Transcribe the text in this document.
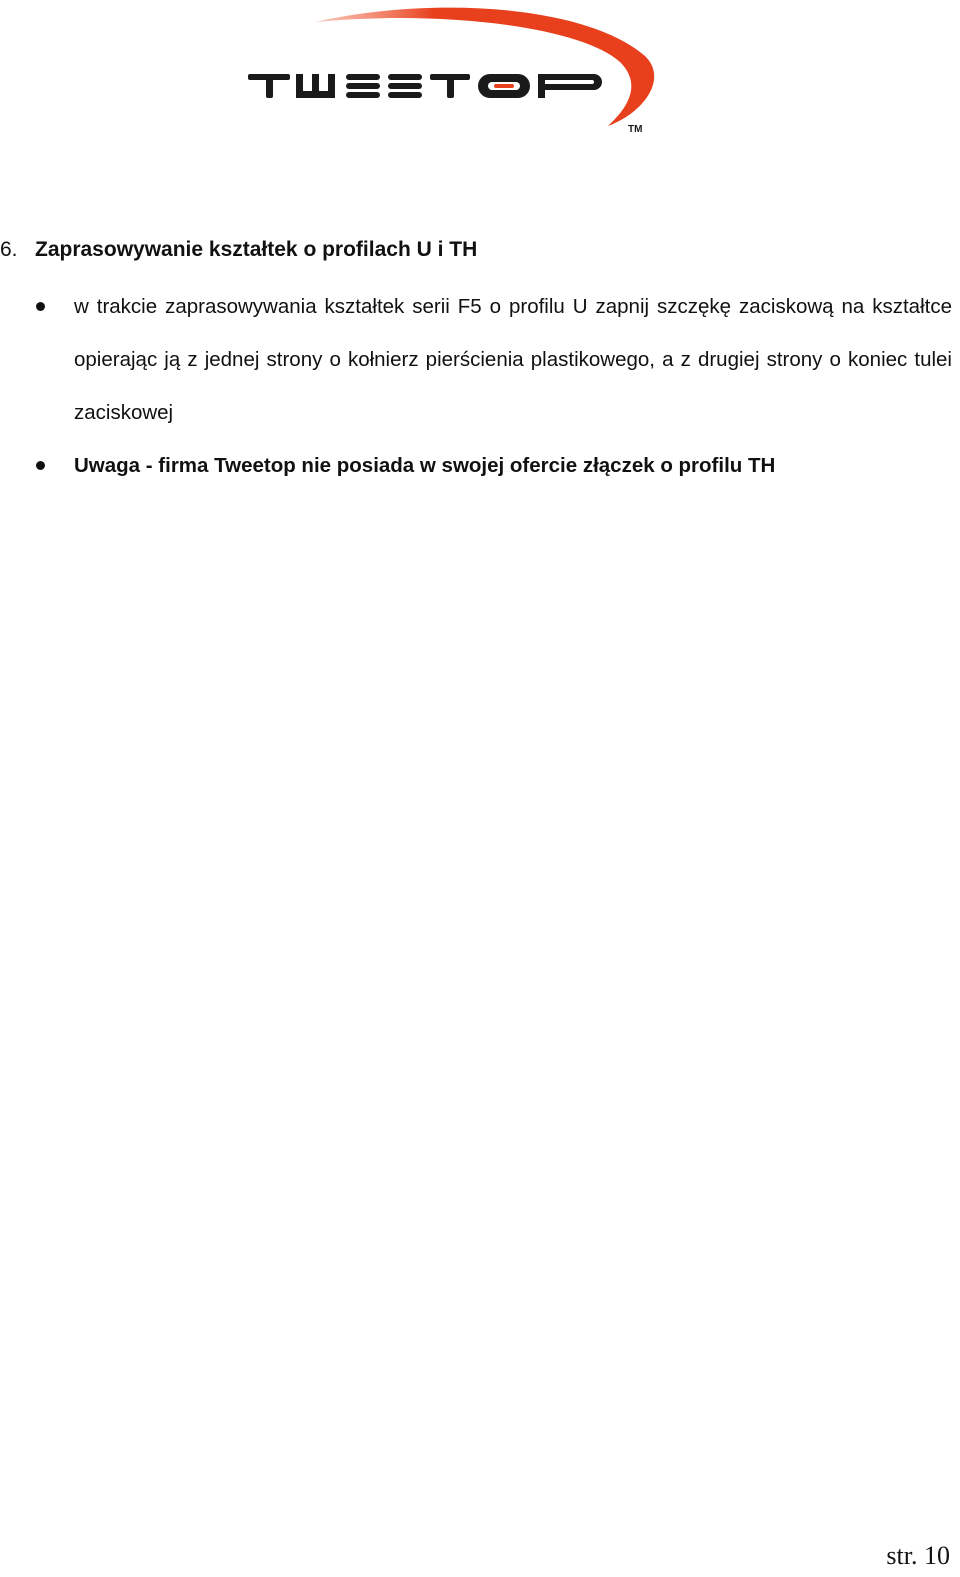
TM
6. Zaprasowywanie kształtek o profilach U i TH
w trakcie zaprasowywania kształtek serii F5 o profilu U zapnij szczękę zaciskową na kształtce opierając ją z jednej strony o kołnierz pierścienia plastikowego, a z drugiej strony o koniec tulei zaciskowej
Uwaga - firma Tweetop nie posiada w swojej ofercie złączek o profilu TH
str. 10
